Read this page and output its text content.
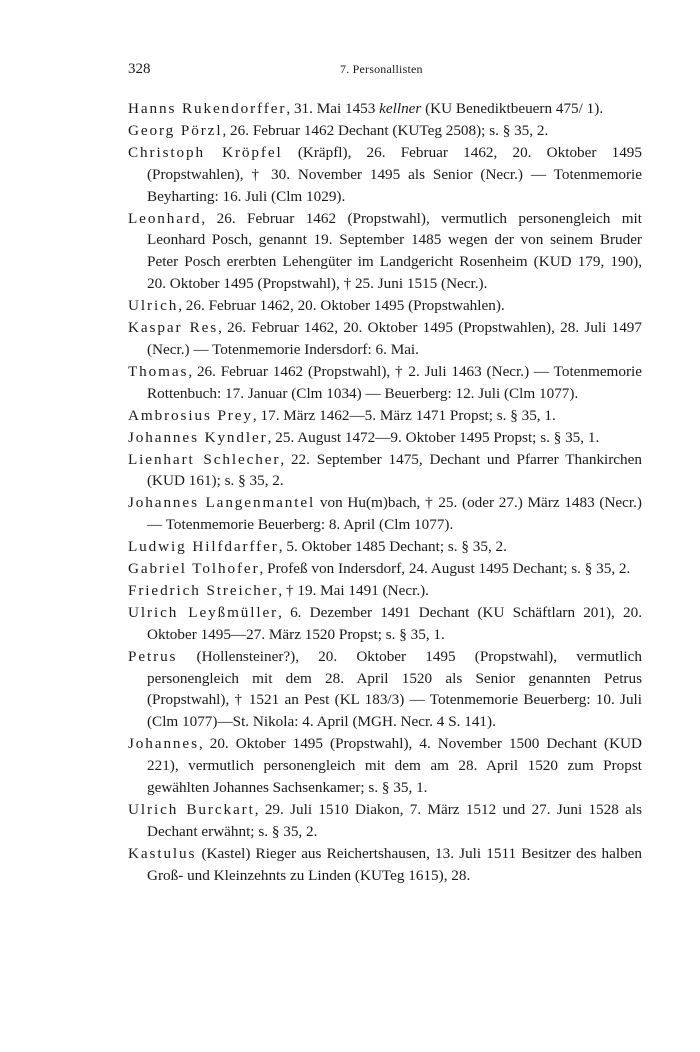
328	7. Personallisten

Hanns Rukendorffer, 31. Mai 1453 kellner (KU Benediktbeuern 475/ 1).

Georg Pörzl, 26. Februar 1462 Dechant (KUTeg 2508); s. § 35, 2.

Christoph Kröpfel (Kräpfl), 26. Februar 1462, 20. Oktober 1495 (Propstwahlen), † 30. November 1495 als Senior (Necr.) — Totenmemorie Beyharting: 16. Juli (Clm 1029).

Leonhard, 26. Februar 1462 (Propstwahl), vermutlich personengleich mit Leonhard Posch, genannt 19. September 1485 wegen der von seinem Bruder Peter Posch ererbten Lehengüter im Landgericht Rosenheim (KUD 179, 190), 20. Oktober 1495 (Propstwahl), † 25. Juni 1515 (Necr.).

Ulrich, 26. Februar 1462, 20. Oktober 1495 (Propstwahlen).

Kaspar Res, 26. Februar 1462, 20. Oktober 1495 (Propstwahlen), 28. Juli 1497 (Necr.) — Totenmemorie Indersdorf: 6. Mai.

Thomas, 26. Februar 1462 (Propstwahl), † 2. Juli 1463 (Necr.) — Totenmemorie Rottenbuch: 17. Januar (Clm 1034) — Beuerberg: 12. Juli (Clm 1077).

Ambrosius Prey, 17. März 1462—5. März 1471 Propst; s. § 35, 1.

Johannes Kyndler, 25. August 1472—9. Oktober 1495 Propst; s. § 35, 1.

Lienhart Schlecher, 22. September 1475, Dechant und Pfarrer Thankirchen (KUD 161); s. § 35, 2.

Johannes Langenmantel von Hu(m)bach, † 25. (oder 27.) März 1483 (Necr.) — Totenmemorie Beuerberg: 8. April (Clm 1077).

Ludwig Hilfdarffer, 5. Oktober 1485 Dechant; s. § 35, 2.

Gabriel Tolhofer, Profeß von Indersdorf, 24. August 1495 Dechant; s. § 35, 2.

Friedrich Streicher, † 19. Mai 1491 (Necr.).

Ulrich Leyßmüller, 6. Dezember 1491 Dechant (KU Schäftlarn 201), 20. Oktober 1495—27. März 1520 Propst; s. § 35, 1.

Petrus (Hollensteiner?), 20. Oktober 1495 (Propstwahl), vermutlich personengleich mit dem 28. April 1520 als Senior genannten Petrus (Propstwahl), † 1521 an Pest (KL 183/3) — Totenmemorie Beuerberg: 10. Juli (Clm 1077)—St. Nikola: 4. April (MGH. Necr. 4 S. 141).

Johannes, 20. Oktober 1495 (Propstwahl), 4. November 1500 Dechant (KUD 221), vermutlich personengleich mit dem am 28. April 1520 zum Propst gewählten Johannes Sachsenkamer; s. § 35, 1.

Ulrich Burckart, 29. Juli 1510 Diakon, 7. März 1512 und 27. Juni 1528 als Dechant erwähnt; s. § 35, 2.

Kastulus (Kastel) Rieger aus Reichertshausen, 13. Juli 1511 Besitzer des halben Groß- und Kleinzehnts zu Linden (KUTeg 1615), 28.
